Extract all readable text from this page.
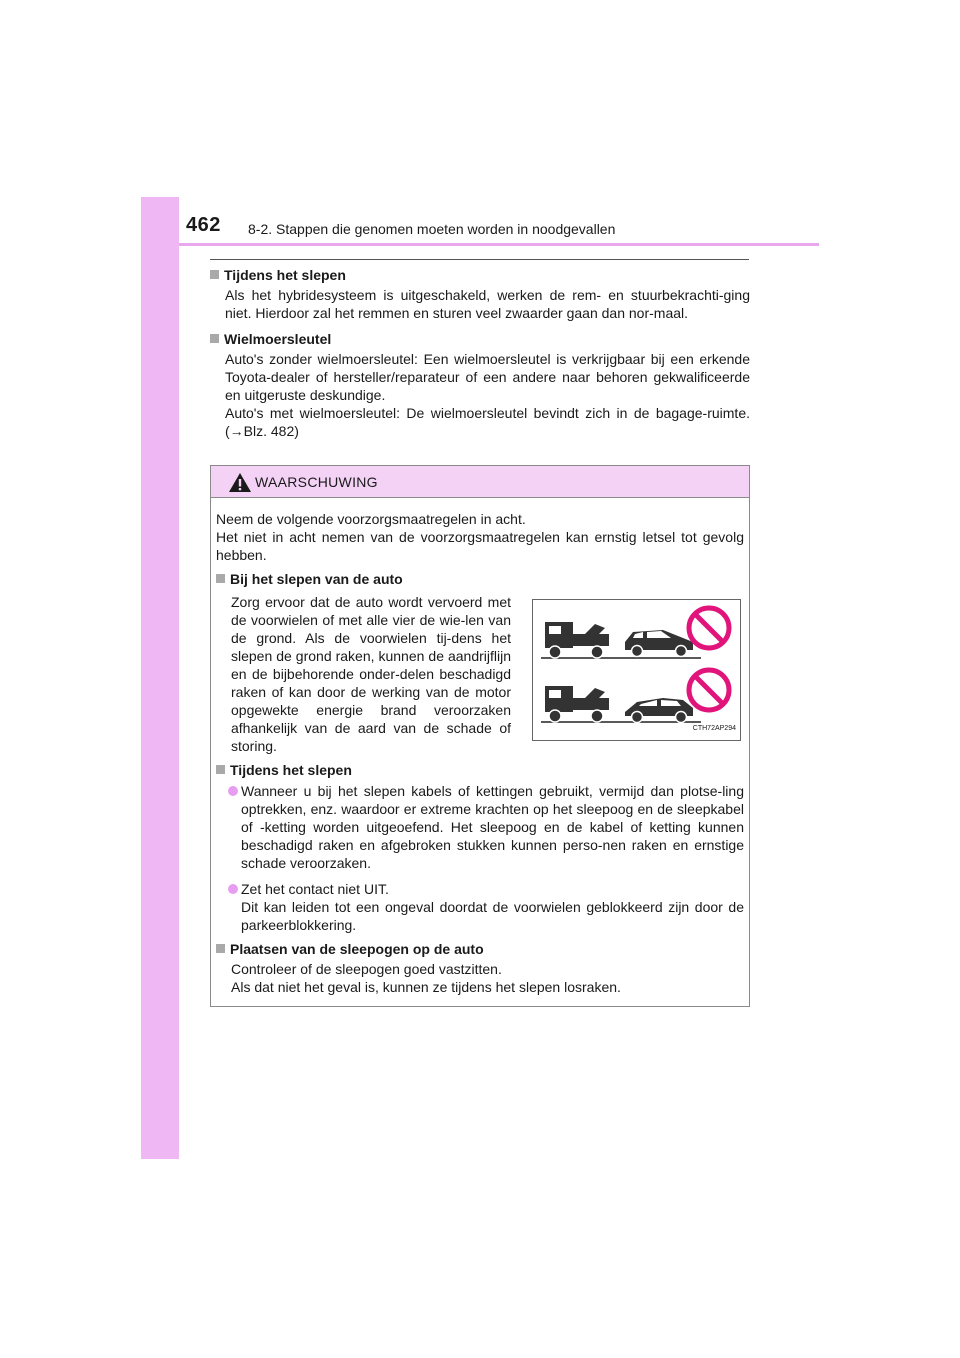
462 8-2. Stappen die genomen moeten worden in noodgevallen

Tijdens het slepen

Als het hybridesysteem is uitgeschakeld, werken de rem- en stuurbekrachti-ging niet. Hierdoor zal het remmen en sturen veel zwaarder gaan dan nor-maal.

Wielmoersleutel

Auto's zonder wielmoersleutel: Een wielmoersleutel is verkrijgbaar bij een erkende Toyota-dealer of hersteller/reparateur of een andere naar behoren gekwalificeerde en uitgeruste deskundige.

Auto's met wielmoersleutel: De wielmoersleutel bevindt zich in de bagage-ruimte. (→Blz. 482)

WAARSCHUWING

Neem de volgende voorzorgsmaatregelen in acht.

Het niet in acht nemen van de voorzorgsmaatregelen kan ernstig letsel tot gevolg hebben.

Bij het slepen van de auto

Zorg ervoor dat de auto wordt vervoerd met de voorwielen of met alle vier de wie-len van de grond. Als de voorwielen tij-dens het slepen de grond raken, kunnen de aandrijflijn en de bijbehorende onder-delen beschadigd raken of kan door de werking van de motor opgewekte energie brand veroorzaken afhankelijk van de aard van de schade of storing.

CTH72AP294

Tijdens het slepen

Wanneer u bij het slepen kabels of kettingen gebruikt, vermijd dan plotse-ling optrekken, enz. waardoor er extreme krachten op het sleepoog en de sleepkabel of -ketting worden uitgeoefend. Het sleepoog en de kabel of ketting kunnen beschadigd raken en afgebroken stukken kunnen perso-nen raken en ernstige schade veroorzaken.
Zet het contact niet UIT.
Dit kan leiden tot een ongeval doordat de voorwielen geblokkeerd zijn door de parkeerblokkering.

Plaatsen van de sleepogen op de auto

Controleer of de sleepogen goed vastzitten.

Als dat niet het geval is, kunnen ze tijdens het slepen losraken.
